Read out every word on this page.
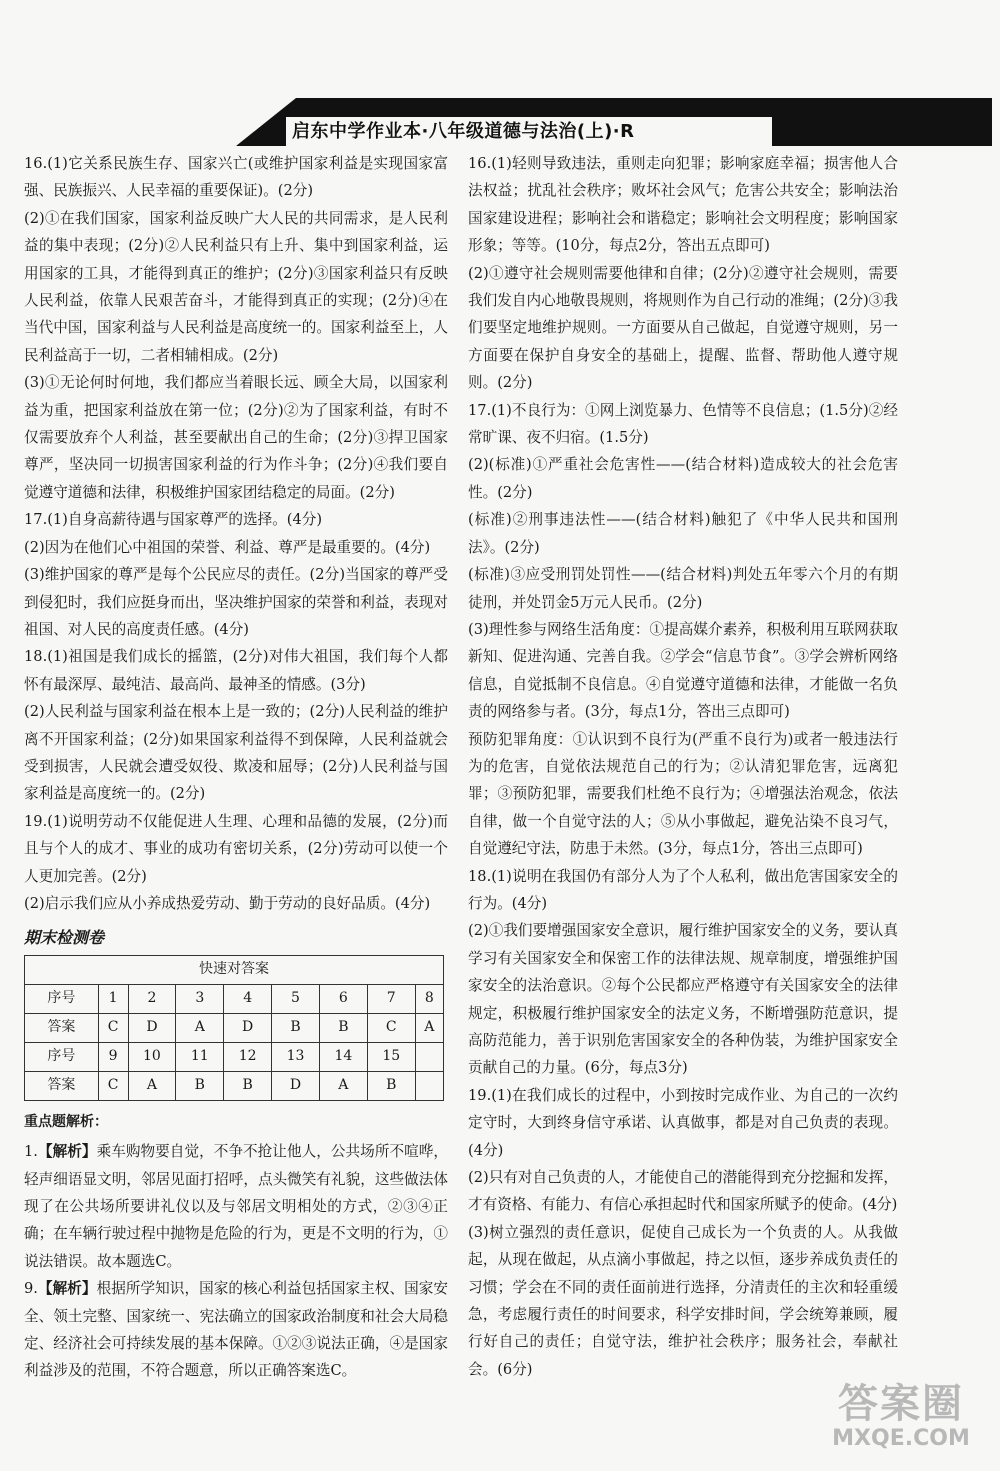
启东中学作业本·八年级道德与法治(上)·R

16.(1)它关系民族生存、国家兴亡(或维护国家利益是实现国家富强、民族振兴、人民幸福的重要保证)。(2分)

(2)①在我们国家，国家利益反映广大人民的共同需求，是人民利益的集中表现；(2分)②人民利益只有上升、集中到国家利益，运用国家的工具，才能得到真正的维护；(2分)③国家利益只有反映人民利益，依靠人民艰苦奋斗，才能得到真正的实现；(2分)④在当代中国，国家利益与人民利益是高度统一的。国家利益至上，人民利益高于一切，二者相辅相成。(2分)

(3)①无论何时何地，我们都应当着眼长远、顾全大局，以国家利益为重，把国家利益放在第一位；(2分)②为了国家利益，有时不仅需要放弃个人利益，甚至要献出自己的生命；(2分)③捍卫国家尊严，坚决同一切损害国家利益的行为作斗争；(2分)④我们要自觉遵守道德和法律，积极维护国家团结稳定的局面。(2分)

17.(1)自身高薪待遇与国家尊严的选择。(4分)

(2)因为在他们心中祖国的荣誉、利益、尊严是最重要的。(4分)

(3)维护国家的尊严是每个公民应尽的责任。(2分)当国家的尊严受到侵犯时，我们应挺身而出，坚决维护国家的荣誉和利益，表现对祖国、对人民的高度责任感。(4分)

18.(1)祖国是我们成长的摇篮，(2分)对伟大祖国，我们每个人都怀有最深厚、最纯洁、最高尚、最神圣的情感。(3分)

(2)人民利益与国家利益在根本上是一致的；(2分)人民利益的维护离不开国家利益；(2分)如果国家利益得不到保障，人民利益就会受到损害，人民就会遭受奴役、欺凌和屈辱；(2分)人民利益与国家利益是高度统一的。(2分)

19.(1)说明劳动不仅能促进人生理、心理和品德的发展，(2分)而且与个人的成才、事业的成功有密切关系，(2分)劳动可以使一个人更加完善。(2分)

(2)启示我们应从小养成热爱劳动、勤于劳动的良好品质。(4分)

期末检测卷
快速对答案								
序号	1	2	3	4	5	6	7	8
答案	C	D	A	D	B	B	C	A
序号	9	10	11	12	13	14	15	
答案	C	A	B	B	D	A	B	
重点题解析：

1.【解析】乘车购物要自觉，不争不抢让他人，公共场所不喧哗，轻声细语显文明，邻居见面打招呼，点头微笑有礼貌，这些做法体现了在公共场所要讲礼仪以及与邻居文明相处的方式，②③④正确；在车辆行驶过程中抛物是危险的行为，更是不文明的行为，①说法错误。故本题选C。

9.【解析】根据所学知识，国家的核心利益包括国家主权、国家安全、领土完整、国家统一、宪法确立的国家政治制度和社会大局稳定、经济社会可持续发展的基本保障。①②③说法正确，④是国家利益涉及的范围，不符合题意，所以正确答案选C。

16.(1)轻则导致违法，重则走向犯罪；影响家庭幸福；损害他人合法权益；扰乱社会秩序；败坏社会风气；危害公共安全；影响法治国家建设进程；影响社会和谐稳定；影响社会文明程度；影响国家形象；等等。(10分，每点2分，答出五点即可)

(2)①遵守社会规则需要他律和自律；(2分)②遵守社会规则，需要我们发自内心地敬畏规则，将规则作为自己行动的准绳；(2分)③我们要坚定地维护规则。一方面要从自己做起，自觉遵守规则，另一方面要在保护自身安全的基础上，提醒、监督、帮助他人遵守规则。(2分)

17.(1)不良行为：①网上浏览暴力、色情等不良信息；(1.5分)②经常旷课、夜不归宿。(1.5分)

(2)(标准)①严重社会危害性——(结合材料)造成较大的社会危害性。(2分)

(标准)②刑事违法性——(结合材料)触犯了《中华人民共和国刑法》。(2分)

(标准)③应受刑罚处罚性——(结合材料)判处五年零六个月的有期徒刑，并处罚金5万元人民币。(2分)

(3)理性参与网络生活角度：①提高媒介素养，积极利用互联网获取新知、促进沟通、完善自我。②学会“信息节食”。③学会辨析网络信息，自觉抵制不良信息。④自觉遵守道德和法律，才能做一名负责的网络参与者。(3分，每点1分，答出三点即可)

预防犯罪角度：①认识到不良行为(严重不良行为)或者一般违法行为的危害，自觉依法规范自己的行为；②认清犯罪危害，远离犯罪；③预防犯罪，需要我们杜绝不良行为；④增强法治观念，依法自律，做一个自觉守法的人；⑤从小事做起，避免沾染不良习气，自觉遵纪守法，防患于未然。(3分，每点1分，答出三点即可)

18.(1)说明在我国仍有部分人为了个人私利，做出危害国家安全的行为。(4分)

(2)①我们要增强国家安全意识，履行维护国家安全的义务，要认真学习有关国家安全和保密工作的法律法规、规章制度，增强维护国家安全的法治意识。②每个公民都应严格遵守有关国家安全的法律规定，积极履行维护国家安全的法定义务，不断增强防范意识，提高防范能力，善于识别危害国家安全的各种伪装，为维护国家安全贡献自己的力量。(6分，每点3分)

19.(1)在我们成长的过程中，小到按时完成作业、为自己的一次约定守时，大到终身信守承诺、认真做事，都是对自己负责的表现。(4分)

(2)只有对自己负责的人，才能使自己的潜能得到充分挖掘和发挥，才有资格、有能力、有信心承担起时代和国家所赋予的使命。(4分)

(3)树立强烈的责任意识，促使自己成长为一个负责的人。从我做起，从现在做起，从点滴小事做起，持之以恒，逐步养成负责任的习惯；学会在不同的责任面前进行选择，分清责任的主次和轻重缓急，考虑履行责任的时间要求，科学安排时间，学会统筹兼顾，履行好自己的责任；自觉守法，维护社会秩序；服务社会，奉献社会。(6分)

答案圈
MXQE.COM
